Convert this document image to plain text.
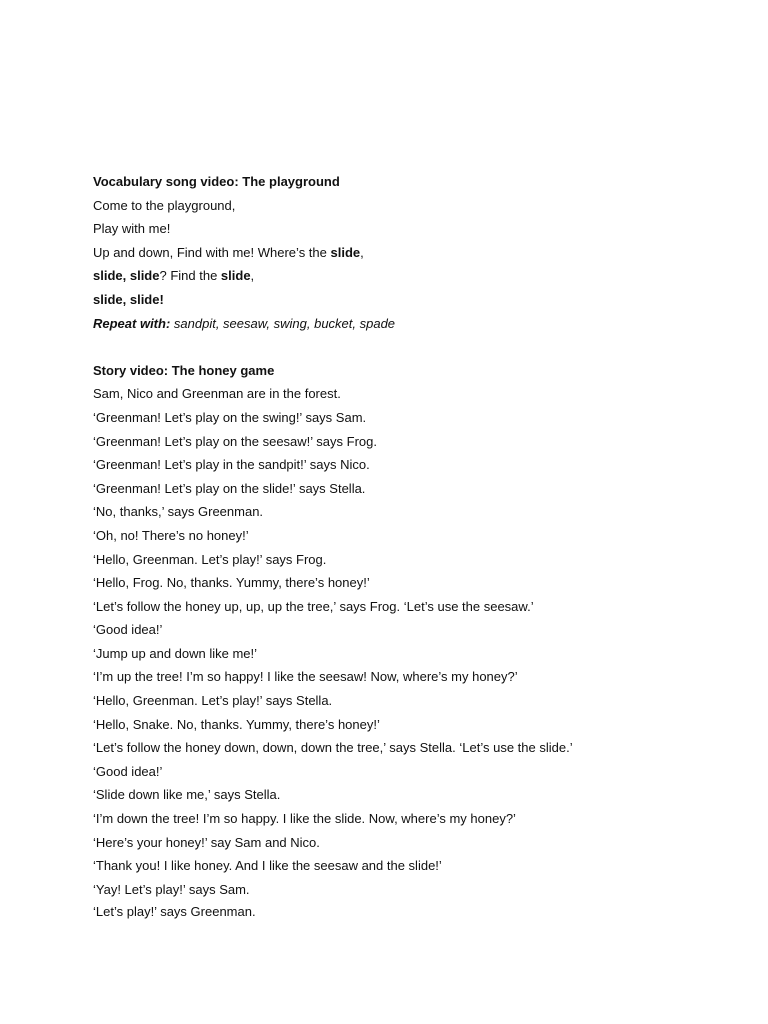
Vocabulary song video: The playground
Come to the playground,
Play with me!
Up and down, Find with me! Where’s the slide,
slide, slide? Find the slide,
slide, slide!
Repeat with: sandpit, seesaw, swing, bucket, spade
Story video: The honey game
Sam, Nico and Greenman are in the forest.
‘Greenman! Let’s play on the swing!’ says Sam.
‘Greenman! Let’s play on the seesaw!’ says Frog.
‘Greenman! Let’s play in the sandpit!’ says Nico.
‘Greenman! Let’s play on the slide!’ says Stella.
‘No, thanks,’ says Greenman.
‘Oh, no! There’s no honey!’
‘Hello, Greenman. Let’s play!’ says Frog.
‘Hello, Frog. No, thanks. Yummy, there’s honey!’
‘Let’s follow the honey up, up, up the tree,’ says Frog. ‘Let’s use the seesaw.’
‘Good idea!’
‘Jump up and down like me!’
‘I’m up the tree! I’m so happy! I like the seesaw! Now, where’s my honey?’
‘Hello, Greenman. Let’s play!’ says Stella.
‘Hello, Snake. No, thanks. Yummy, there’s honey!’
‘Let’s follow the honey down, down, down the tree,’ says Stella. ‘Let’s use the slide.’
‘Good idea!’
‘Slide down like me,’ says Stella.
‘I’m down the tree! I’m so happy. I like the slide. Now, where’s my honey?’
‘Here’s your honey!’ say Sam and Nico.
‘Thank you! I like honey. And I like the seesaw and the slide!’
‘Yay! Let’s play!’ says Sam.
‘Let’s play!’ says Greenman.
